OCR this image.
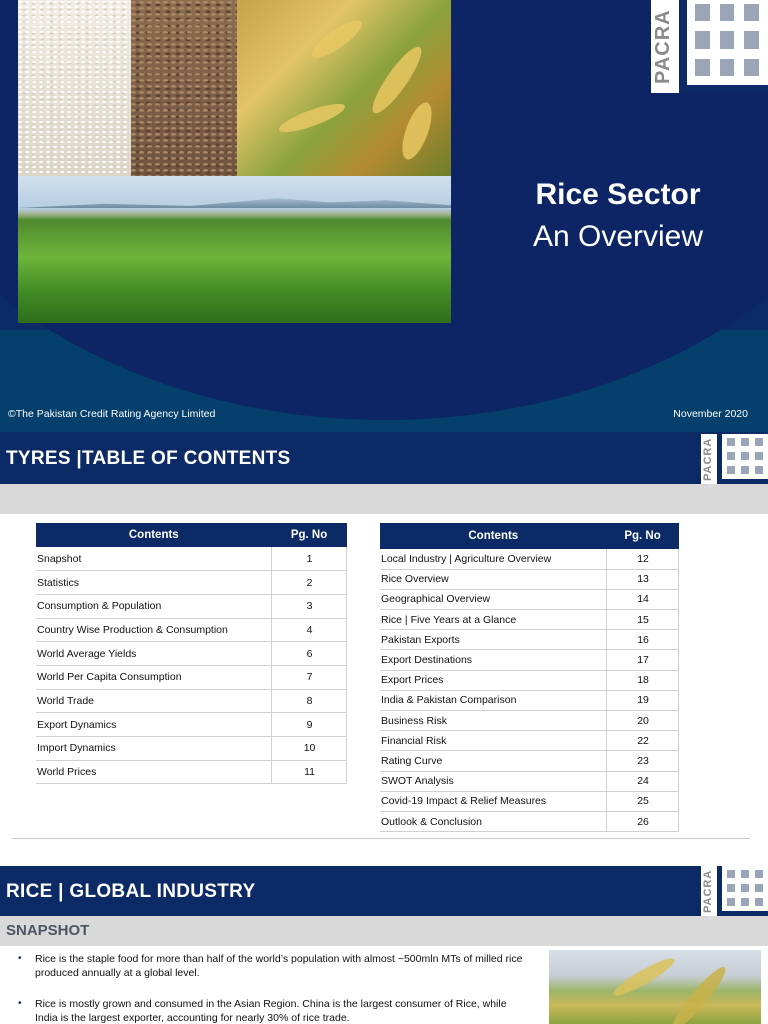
Rice Sector
An Overview
©The Pakistan Credit Rating Agency Limited	November 2020
PACRA
TYRES |TABLE OF CONTENTS	PACRA
Contents	Pg. No
Snapshot	1
Statistics	2
Consumption & Population	3
Country Wise Production & Consumption	4
World Average Yields	6
World Per Capita Consumption	7
World Trade	8
Export Dynamics	9
Import Dynamics	10
World Prices	11
Contents	Pg. No
Local Industry | Agriculture Overview	12
Rice Overview	13
Geographical Overview	14
Rice | Five Years at a Glance	15
Pakistan Exports	16
Export Destinations	17
Export Prices	18
India & Pakistan Comparison	19
Business Risk	20
Financial Risk	22
Rating Curve	23
SWOT Analysis	24
Covid-19 Impact & Relief Measures	25
Outlook & Conclusion	26
RICE | GLOBAL INDUSTRY	PACRA
SNAPSHOT
• Rice is the staple food for more than half of the world’s population with almost ~500mln MTs of milled rice produced annually at a global level.
• Rice is mostly grown and consumed in the Asian Region. China is the largest consumer of Rice, while India is the largest exporter, accounting for nearly 30% of rice trade.
